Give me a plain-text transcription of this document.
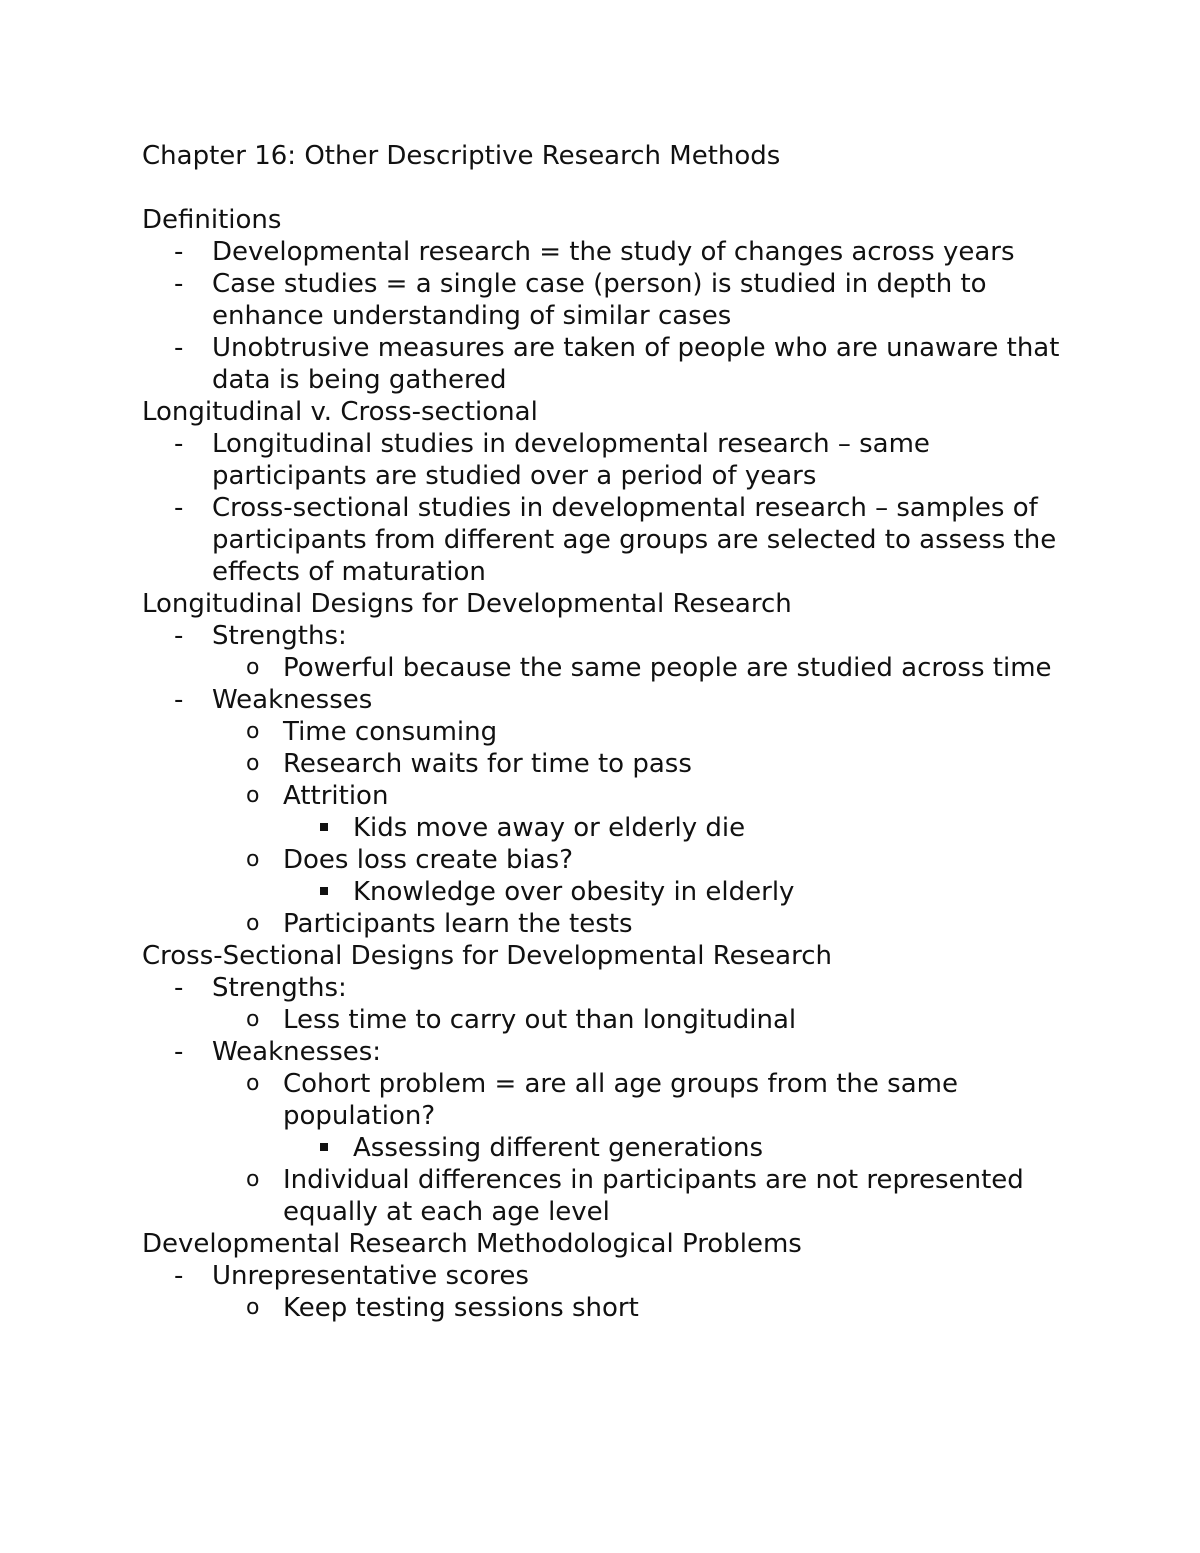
Chapter 16: Other Descriptive Research Methods

Definitions

- Developmental research = the study of changes across years
- Case studies = a single case (person) is studied in depth to enhance understanding of similar cases
- Unobtrusive measures are taken of people who are unaware that data is being gathered

Longitudinal v. Cross-sectional

- Longitudinal studies in developmental research – same participants are studied over a period of years
- Cross-sectional studies in developmental research – samples of participants from different age groups are selected to assess the effects of maturation

Longitudinal Designs for Developmental Research

- Strengths:
o Powerful because the same people are studied across time
- Weaknesses
o Time consuming
o Research waits for time to pass
o Attrition
Kids move away or elderly die
o Does loss create bias?
Knowledge over obesity in elderly
o Participants learn the tests

Cross-Sectional Designs for Developmental Research

- Strengths:
o Less time to carry out than longitudinal
- Weaknesses:
o Cohort problem = are all age groups from the same population?
Assessing different generations
o Individual differences in participants are not represented equally at each age level

Developmental Research Methodological Problems

- Unrepresentative scores
o Keep testing sessions short
